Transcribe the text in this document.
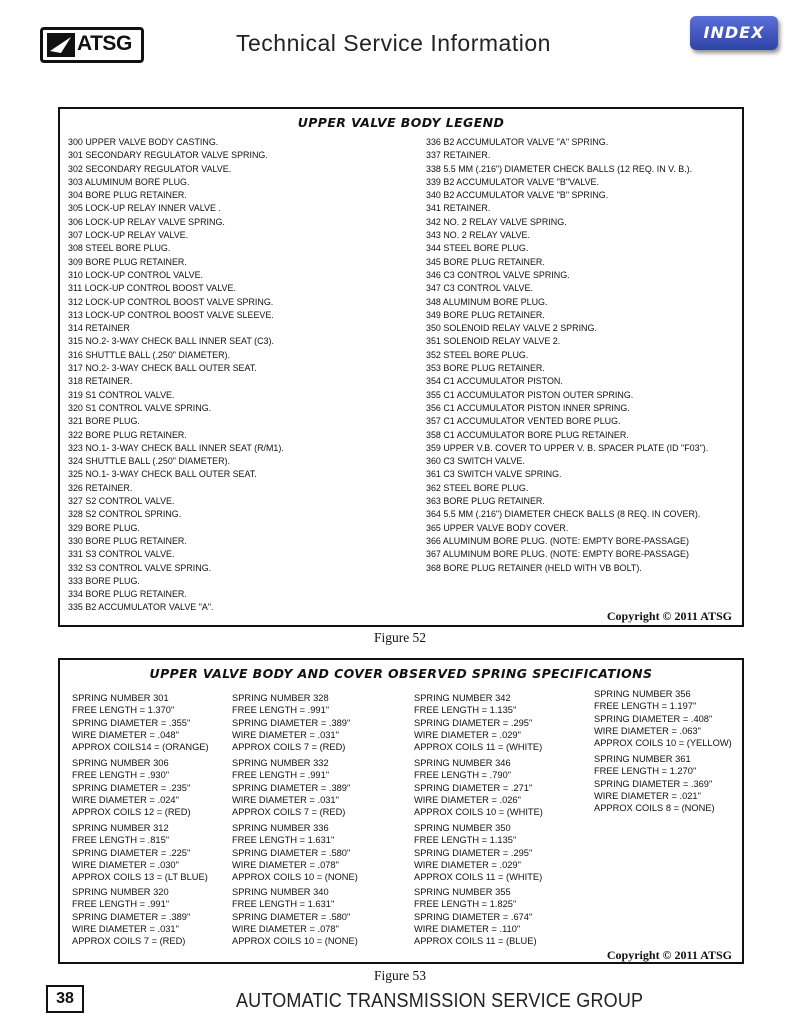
ATSG	Technical Service Information	INDEX
UPPER VALVE BODY LEGEND
300 UPPER VALVE BODY CASTING.
301 SECONDARY REGULATOR VALVE SPRING.
302 SECONDARY REGULATOR VALVE.
303 ALUMINUM BORE PLUG.
304 BORE PLUG RETAINER.
305 LOCK-UP RELAY INNER VALVE .
306 LOCK-UP RELAY VALVE SPRING.
307 LOCK-UP RELAY VALVE.
308 STEEL BORE PLUG.
309 BORE PLUG RETAINER.
310 LOCK-UP CONTROL VALVE.
311 LOCK-UP CONTROL BOOST VALVE.
312 LOCK-UP CONTROL BOOST VALVE SPRING.
313 LOCK-UP CONTROL BOOST VALVE SLEEVE.
314 RETAINER
315 NO.2- 3-WAY CHECK BALL INNER SEAT (C3).
316 SHUTTLE BALL (.250" DIAMETER).
317 NO.2- 3-WAY CHECK BALL OUTER SEAT.
318 RETAINER.
319 S1 CONTROL VALVE.
320 S1 CONTROL VALVE SPRING.
321 BORE PLUG.
322 BORE PLUG RETAINER.
323 NO.1- 3-WAY CHECK BALL INNER SEAT (R/M1).
324 SHUTTLE BALL (.250" DIAMETER).
325 NO.1- 3-WAY CHECK BALL OUTER SEAT.
326 RETAINER.
327 S2 CONTROL VALVE.
328 S2 CONTROL SPRING.
329 BORE PLUG.
330 BORE PLUG RETAINER.
331 S3 CONTROL VALVE.
332 S3 CONTROL VALVE SPRING.
333 BORE PLUG.
334 BORE PLUG RETAINER.
335 B2 ACCUMULATOR VALVE "A".
336 B2 ACCUMULATOR VALVE "A" SPRING.
337 RETAINER.
338 5.5 MM (.216") DIAMETER CHECK BALLS (12 REQ. IN V. B.).
339 B2 ACCUMULATOR VALVE "B"VALVE.
340 B2 ACCUMULATOR VALVE "B" SPRING.
341 RETAINER.
342 NO. 2 RELAY VALVE SPRING.
343 NO. 2 RELAY VALVE.
344 STEEL BORE PLUG.
345 BORE PLUG RETAINER.
346 C3 CONTROL VALVE SPRING.
347 C3 CONTROL VALVE.
348 ALUMINUM BORE PLUG.
349 BORE PLUG RETAINER.
350 SOLENOID RELAY VALVE 2 SPRING.
351 SOLENOID RELAY VALVE 2.
352 STEEL BORE PLUG.
353 BORE PLUG RETAINER.
354 C1 ACCUMULATOR PISTON.
355 C1 ACCUMULATOR PISTON OUTER SPRING.
356 C1 ACCUMULATOR PISTON INNER SPRING.
357 C1 ACCUMULATOR VENTED BORE PLUG.
358 C1 ACCUMULATOR BORE PLUG RETAINER.
359 UPPER V.B. COVER TO UPPER V. B. SPACER PLATE (ID "F03").
360 C3 SWITCH VALVE.
361 C3 SWITCH VALVE SPRING.
362 STEEL BORE PLUG.
363 BORE PLUG RETAINER.
364 5.5 MM (.216") DIAMETER CHECK BALLS (8 REQ. IN COVER).
365 UPPER VALVE BODY COVER.
366 ALUMINUM BORE PLUG. (NOTE: EMPTY BORE-PASSAGE)
367 ALUMINUM BORE PLUG. (NOTE: EMPTY BORE-PASSAGE)
368 BORE PLUG RETAINER (HELD WITH VB BOLT).
Copyright © 2011 ATSG
Figure 52
UPPER VALVE BODY AND COVER OBSERVED SPRING SPECIFICATIONS
SPRING NUMBER 301
FREE LENGTH = 1.370"
SPRING DIAMETER = .355"
WIRE DIAMETER = .048"
APPROX COILS14 = (ORANGE)
SPRING NUMBER 306
FREE LENGTH = .930"
SPRING DIAMETER = .235"
WIRE DIAMETER = .024"
APPROX COILS 12 = (RED)
SPRING NUMBER 312
FREE LENGTH = .815"
SPRING DIAMETER = .225"
WIRE DIAMETER = .030"
APPROX COILS 13 = (LT BLUE)
SPRING NUMBER 320
FREE LENGTH = .991"
SPRING DIAMETER = .389"
WIRE DIAMETER = .031"
APPROX COILS 7 = (RED)
SPRING NUMBER 328
FREE LENGTH = .991"
SPRING DIAMETER = .389"
WIRE DIAMETER = .031"
APPROX COILS 7 = (RED)
SPRING NUMBER 332
FREE LENGTH = .991"
SPRING DIAMETER = .389"
WIRE DIAMETER = .031"
APPROX COILS 7 = (RED)
SPRING NUMBER 336
FREE LENGTH = 1.631"
SPRING DIAMETER = .580"
WIRE DIAMETER = .078"
APPROX COILS 10 = (NONE)
SPRING NUMBER 340
FREE LENGTH = 1.631"
SPRING DIAMETER = .580"
WIRE DIAMETER = .078"
APPROX COILS 10 = (NONE)
SPRING NUMBER 342
FREE LENGTH = 1.135"
SPRING DIAMETER = .295"
WIRE DIAMETER = .029"
APPROX COILS 11 = (WHITE)
SPRING NUMBER 346
FREE LENGTH = .790"
SPRING DIAMETER = .271"
WIRE DIAMETER = .026"
APPROX COILS 10 = (WHITE)
SPRING NUMBER 350
FREE LENGTH = 1.135"
SPRING DIAMETER = .295"
WIRE DIAMETER = .029"
APPROX COILS 11 = (WHITE)
SPRING NUMBER 355
FREE LENGTH = 1.825"
SPRING DIAMETER = .674"
WIRE DIAMETER = .110"
APPROX COILS 11 = (BLUE)
SPRING NUMBER 356
FREE LENGTH = 1.197"
SPRING DIAMETER = .408"
WIRE DIAMETER = .063"
APPROX COILS 10 = (YELLOW)
SPRING NUMBER 361
FREE LENGTH = 1.270"
SPRING DIAMETER = .369"
WIRE DIAMETER = .021"
APPROX COILS 8 = (NONE)
Copyright © 2011 ATSG
Figure 53
38	AUTOMATIC TRANSMISSION SERVICE GROUP
